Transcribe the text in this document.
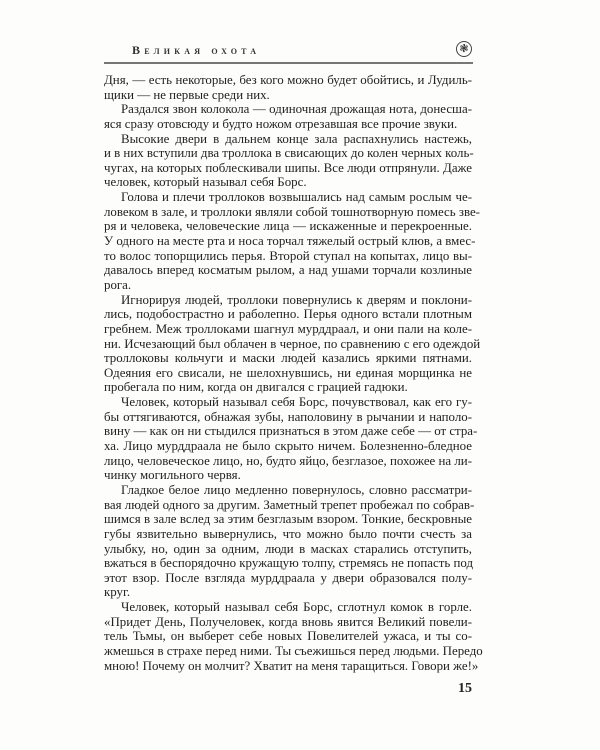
Великая охота	❃
Дня, — есть некоторые, без кого можно будет обойтись, и Лудиль-
щики — не первые среди них.
Раздался звон колокола — одиночная дрожащая нота, донесша-
яся сразу отовсюду и будто ножом отрезавшая все прочие звуки.
Высокие двери в дальнем конце зала распахнулись настежь,
и в них вступили два троллока в свисающих до колен черных коль-
чугах, на которых поблескивали шипы. Все люди отпрянули. Даже
человек, который называл себя Борс.
Голова и плечи троллоков возвышались над самым рослым че-
ловеком в зале, и троллоки являли собой тошнотворную помесь зве-
ря и человека, человеческие лица — искаженные и перекроенные.
У одного на месте рта и носа торчал тяжелый острый клюв, а вмес-
то волос топорщились перья. Второй ступал на копытах, лицо вы-
давалось вперед косматым рылом, а над ушами торчали козлиные
рога.
Игнорируя людей, троллоки повернулись к дверям и поклони-
лись, подобострастно и раболепно. Перья одного встали плотным
гребнем. Меж троллоками шагнул мурддраал, и они пали на коле-
ни. Исчезающий был облачен в черное, по сравнению с его одеждой
троллоковы кольчуги и маски людей казались яркими пятнами.
Одеяния его свисали, не шелохнувшись, ни единая морщинка не
пробегала по ним, когда он двигался с грацией гадюки.
Человек, который называл себя Борс, почувствовал, как его гу-
бы оттягиваются, обнажая зубы, наполовину в рычании и наполо-
вину — как он ни стыдился признаться в этом даже себе — от стра-
ха. Лицо мурддраала не было скрыто ничем. Болезненно-бледное
лицо, человеческое лицо, но, будто яйцо, безглазое, похожее на ли-
чинку могильного червя.
Гладкое белое лицо медленно повернулось, словно рассматри-
вая людей одного за другим. Заметный трепет пробежал по собрав-
шимся в зале вслед за этим безглазым взором. Тонкие, бескровные
губы язвительно вывернулись, что можно было почти счесть за
улыбку, но, один за одним, люди в масках старались отступить,
вжаться в беспорядочно кружащую толпу, стремясь не попасть под
этот взор. После взгляда мурддраала у двери образовался полу-
круг.
Человек, который называл себя Борс, сглотнул комок в горле.
«Придет День, Получеловек, когда вновь явится Великий повели-
тель Тьмы, он выберет себе новых Повелителей ужаса, и ты со-
жмешься в страхе перед ними. Ты съежишься перед людьми. Передо
мною! Почему он молчит? Хватит на меня таращиться. Говори же!»
15
